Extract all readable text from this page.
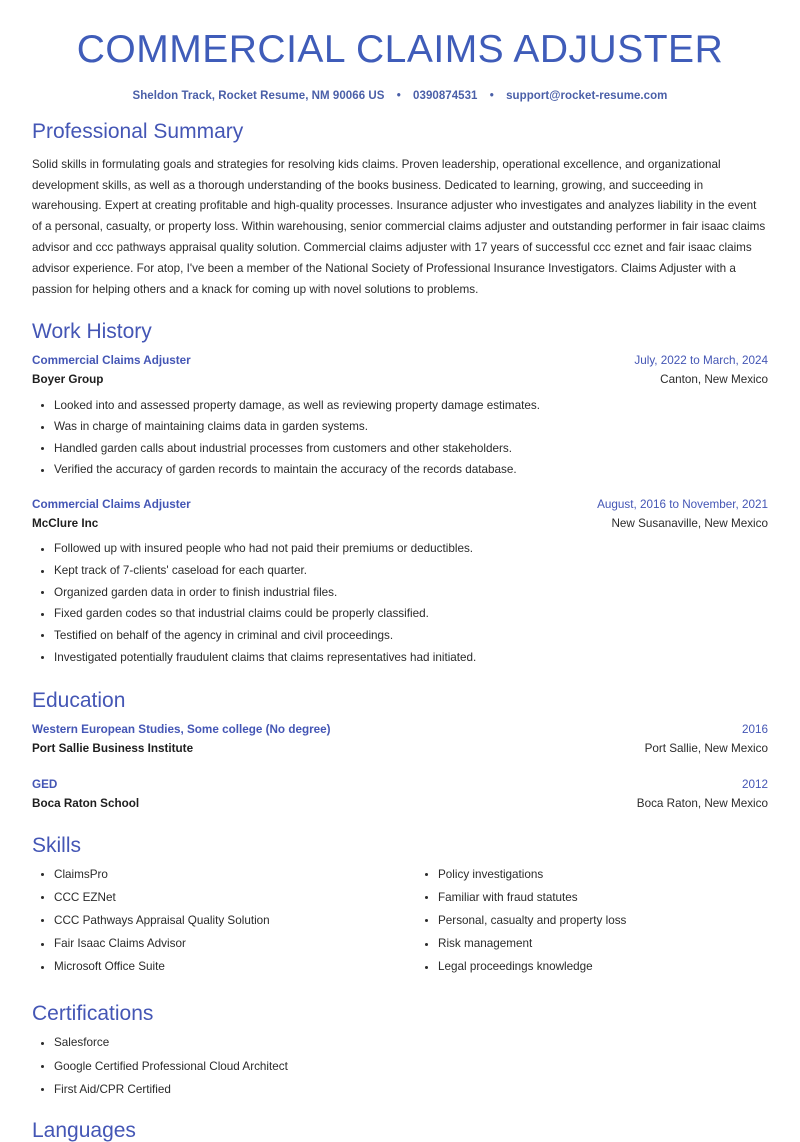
COMMERCIAL CLAIMS ADJUSTER
Sheldon Track, Rocket Resume, NM 90066 US • 0390874531 • support@rocket-resume.com
Professional Summary

Solid skills in formulating goals and strategies for resolving kids claims. Proven leadership, operational excellence, and organizational development skills, as well as a thorough understanding of the books business. Dedicated to learning, growing, and succeeding in warehousing. Expert at creating profitable and high-quality processes. Insurance adjuster who investigates and analyzes liability in the event of a personal, casualty, or property loss. Within warehousing, senior commercial claims adjuster and outstanding performer in fair isaac claims advisor and ccc pathways appraisal quality solution. Commercial claims adjuster with 17 years of successful ccc eznet and fair isaac claims advisor experience. For atop, I've been a member of the National Society of Professional Insurance Investigators. Claims Adjuster with a passion for helping others and a knack for coming up with novel solutions to problems.

Work History
Commercial Claims Adjuster	July, 2022 to March, 2024
Boyer Group	Canton, New Mexico
Looked into and assessed property damage, as well as reviewing property damage estimates.
Was in charge of maintaining claims data in garden systems.
Handled garden calls about industrial processes from customers and other stakeholders.
Verified the accuracy of garden records to maintain the accuracy of the records database.
Commercial Claims Adjuster	August, 2016 to November, 2021
McClure Inc	New Susanaville, New Mexico
Followed up with insured people who had not paid their premiums or deductibles.
Kept track of 7-clients' caseload for each quarter.
Organized garden data in order to finish industrial files.
Fixed garden codes so that industrial claims could be properly classified.
Testified on behalf of the agency in criminal and civil proceedings.
Investigated potentially fraudulent claims that claims representatives had initiated.
Education
Western European Studies, Some college (No degree)	2016
Port Sallie Business Institute	Port Sallie, New Mexico
GED	2012
Boca Raton School	Boca Raton, New Mexico
Skills
ClaimsPro
CCC EZNet
CCC Pathways Appraisal Quality Solution
Fair Isaac Claims Advisor
Microsoft Office Suite
Policy investigations
Familiar with fraud statutes
Personal, casualty and property loss
Risk management
Legal proceedings knowledge
Certifications
Salesforce
Google Certified Professional Cloud Architect
First Aid/CPR Certified
Languages
